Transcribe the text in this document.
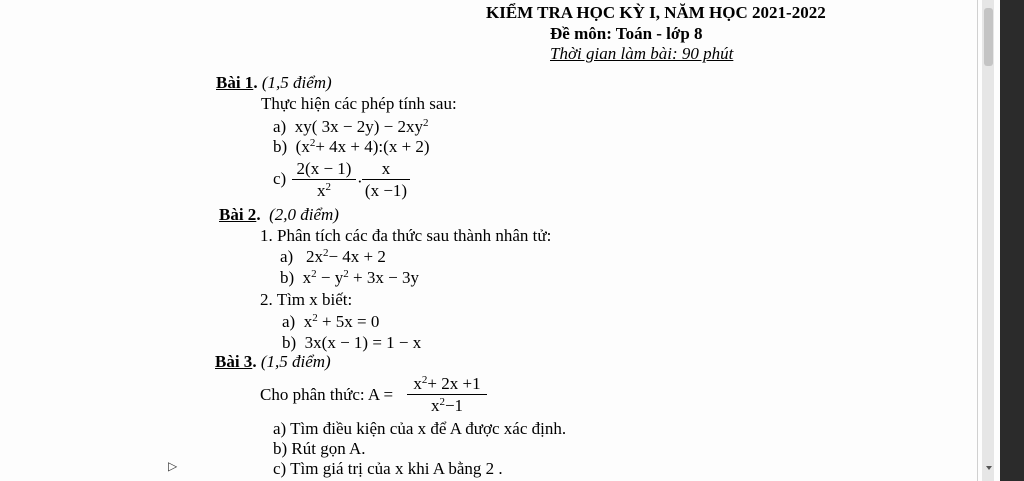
KIỂM TRA HỌC KỲ I, NĂM HỌC 2021-2022
Đề môn: Toán - lớp 8
Thời gian làm bài: 90 phút
Bài 1. (1,5 điểm)
Thực hiện các phép tính sau:
a) xy( $3x - 2y) - 2xy^2$
b) ($x^2+ 4x$ + 4):(x + 2)
c)
2(x − 1)
$x^2$	·
x
(x −1)
Bài 2. (2,0 điểm)
1. Phân tích các đa thức sau thành nhân tử:
a) $2x^2- 4x + 2$
b) $x^2 - y^2 + 3x - 3y$
2. Tìm x biết:
a) $x^2 + 5x = 0$
b) 3x(x − 1) = 1 − x
Bài 3. (1,5 điểm)
Cho phân thức: A =
$x^2+ 2x +1$
$x^2-1$
a) Tìm điều kiện của x để A được xác định.
b) Rút gọn A.
c) Tìm giá trị của x khi A bằng 2 .
▷
